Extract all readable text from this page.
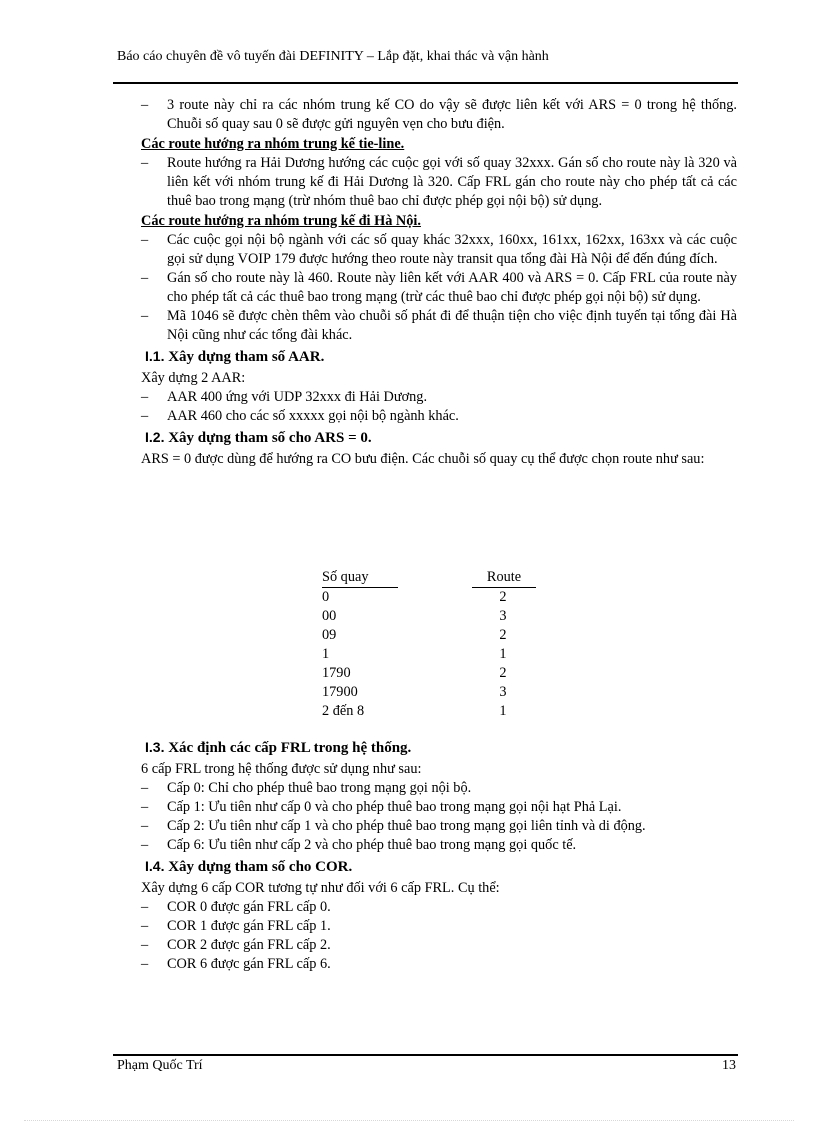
Báo cáo chuyên đề vô tuyến đài DEFINITY – Lắp đặt, khai thác và vận hành
–	3 route này chỉ ra các nhóm trung kế CO do vậy sẽ được liên kết với ARS = 0 trong hệ thống. Chuỗi số quay sau 0 sẽ được gửi nguyên vẹn cho bưu điện.

Các route hướng ra nhóm trung kế tie-line.

–	Route hướng ra Hải Dương hướng các cuộc gọi với số quay 32xxx. Gán số cho route này là 320 và liên kết với nhóm trung kế đi Hải Dương là 320. Cấp FRL gán cho route này cho phép tất cả các thuê bao trong mạng (trừ nhóm thuê bao chỉ được phép gọi nội bộ) sử dụng.

Các route hướng ra nhóm trung kế đi Hà Nội.

–	Các cuộc gọi nội bộ ngành với các số quay khác 32xxx, 160xx, 161xx, 162xx, 163xx và các cuộc gọi sử dụng VOIP 179 được hướng theo route này transit qua tổng đài Hà Nội để đến đúng đích.
–	Gán số cho route này là 460. Route này liên kết với AAR 400 và ARS = 0. Cấp FRL của route này cho phép tất cả các thuê bao trong mạng (trừ các thuê bao chỉ được phép gọi nội bộ) sử dụng.
–	Mã 1046 sẽ được chèn thêm vào chuỗi số phát đi để thuận tiện cho việc định tuyến tại tổng đài Hà Nội cũng như các tổng đài khác.

I.1. Xây dựng tham số AAR.

Xây dựng 2 AAR:

–	AAR 400 ứng với UDP 32xxx đi Hải Dương.
–	AAR 460 cho các số xxxxx gọi nội bộ ngành khác.

I.2. Xây dựng tham số cho ARS = 0.

ARS = 0 được dùng để hướng ra CO bưu điện. Các chuỗi số quay cụ thể được chọn route như sau:

Số quay	Route
0	2
00	3
09	2
1	1
1790	2
17900	3
2 đến 8	1

I.3. Xác định các cấp FRL trong hệ thống.

6 cấp FRL trong hệ thống được sử dụng như sau:

–	Cấp 0: Chỉ cho phép thuê bao trong mạng gọi nội bộ.
–	Cấp 1: Ưu tiên như cấp 0 và cho phép thuê bao trong mạng gọi nội hạt Phả Lại.
–	Cấp 2: Ưu tiên như cấp 1 và cho phép thuê bao trong mạng gọi liên tỉnh và di động.
–	Cấp 6: Ưu tiên như cấp 2 và cho phép thuê bao trong mạng gọi quốc tế.

I.4. Xây dựng tham số cho COR.

Xây dựng 6 cấp COR tương tự như đối với 6 cấp FRL. Cụ thể:

–	COR 0 được gán FRL cấp 0.
–	COR 1 được gán FRL cấp 1.
–	COR 2 được gán FRL cấp 2.
–	COR 6 được gán FRL cấp 6.
Phạm Quốc Trí	13
